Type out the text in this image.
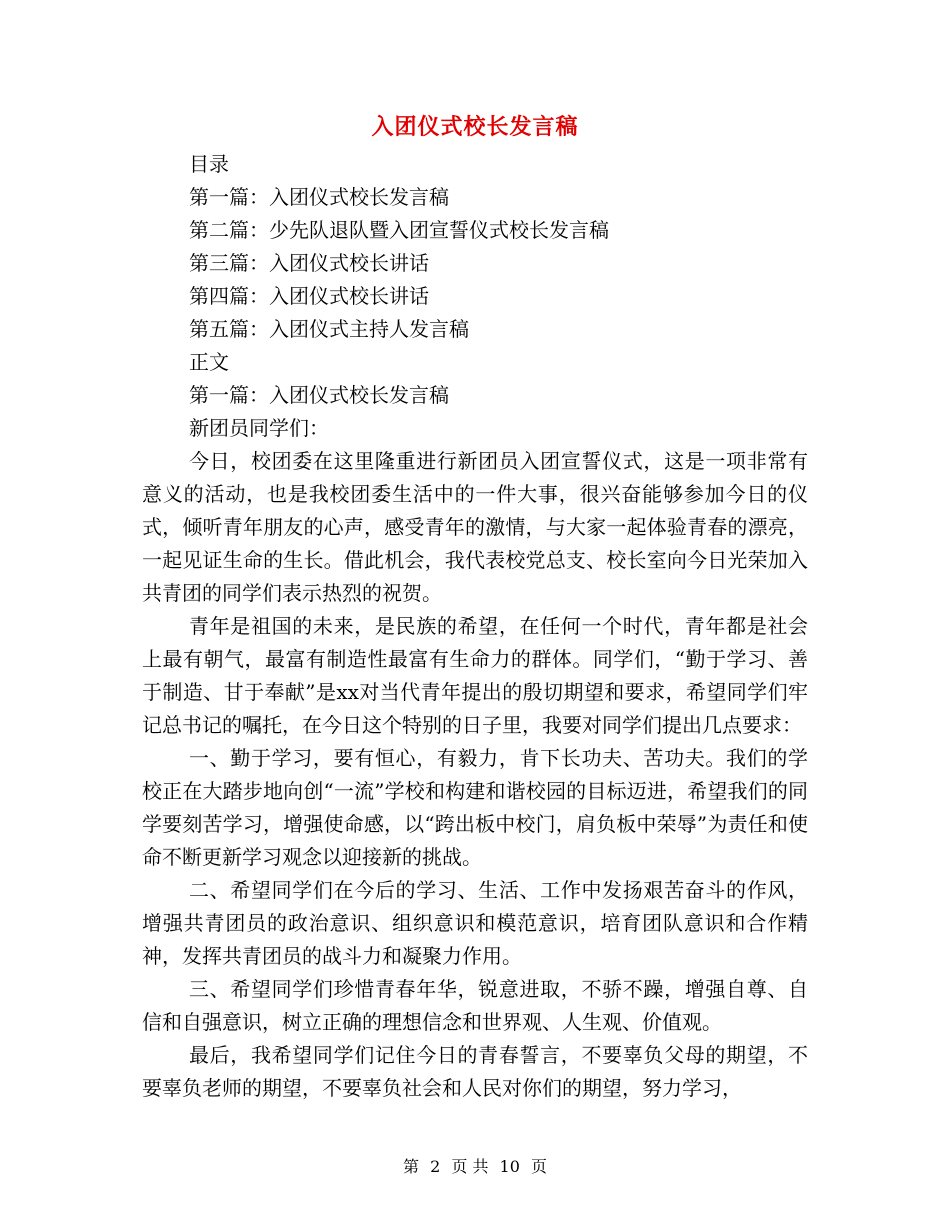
入团仪式校长发言稿
目录
第一篇：入团仪式校长发言稿
第二篇：少先队退队暨入团宣誓仪式校长发言稿
第三篇：入团仪式校长讲话
第四篇：入团仪式校长讲话
第五篇：入团仪式主持人发言稿
正文
第一篇：入团仪式校长发言稿
新团员同学们：
今日，校团委在这里隆重进行新团员入团宣誓仪式，这是一项非常有意义的活动，也是我校团委生活中的一件大事，很兴奋能够参加今日的仪式，倾听青年朋友的心声，感受青年的激情，与大家一起体验青春的漂亮，一起见证生命的生长。借此机会，我代表校党总支、校长室向今日光荣加入共青团的同学们表示热烈的祝贺。
青年是祖国的未来，是民族的希望，在任何一个时代，青年都是社会上最有朝气，最富有制造性最富有生命力的群体。同学们，“勤于学习、善于制造、甘于奉献”是xx对当代青年提出的殷切期望和要求，希望同学们牢记总书记的嘱托，在今日这个特别的日子里，我要对同学们提出几点要求：
一、勤于学习，要有恒心，有毅力，肯下长功夫、苦功夫。我们的学校正在大踏步地向创“一流”学校和构建和谐校园的目标迈进，希望我们的同学要刻苦学习，增强使命感，以“跨出板中校门，肩负板中荣辱”为责任和使命不断更新学习观念以迎接新的挑战。
二、希望同学们在今后的学习、生活、工作中发扬艰苦奋斗的作风，增强共青团员的政治意识、组织意识和模范意识，培育团队意识和合作精神，发挥共青团员的战斗力和凝聚力作用。
三、希望同学们珍惜青春年华，锐意进取，不骄不躁，增强自尊、自信和自强意识，树立正确的理想信念和世界观、人生观、价值观。
最后，我希望同学们记住今日的青春誓言，不要辜负父母的期望，不要辜负老师的期望，不要辜负社会和人民对你们的期望，努力学习，
第 2 页 共 10 页
